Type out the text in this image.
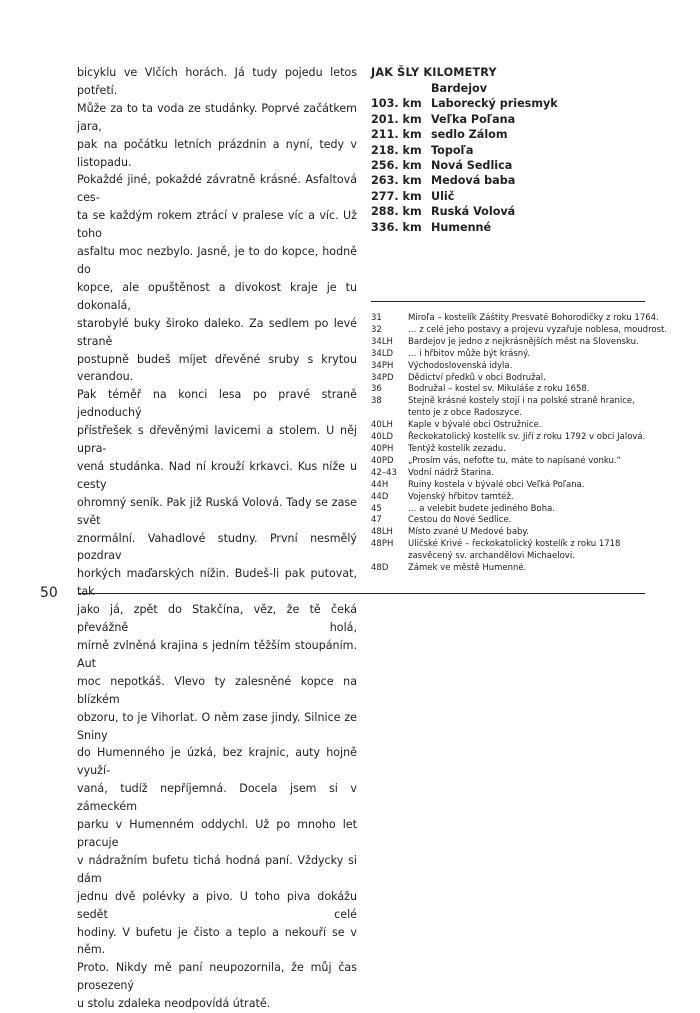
bicyklu ve Vlčích horách. Já tudy pojedu letos potřetí.
Může za to ta voda ze studánky. Poprvé začátkem jara,
pak na počátku letních prázdnin a nyní, tedy v listopadu.
Pokaždé jiné, pokaždé závratně krásné. Asfaltová ces-
ta se každým rokem ztrácí v pralese víc a víc. Už toho
asfaltu moc nezbylo. Jasně, je to do kopce, hodně do
kopce, ale opuštěnost a divokost kraje je tu dokonalá,
starobylé buky široko daleko. Za sedlem po levé straně
postupně budeš míjet dřevěné sruby s krytou verandou.
Pak téměř na konci lesa po pravé straně jednoduchý
přístřešek s dřevěnými lavicemi a stolem. U něj upra-
vená studánka. Nad ní krouží krkavci. Kus níže u cesty
ohromný seník. Pak již Ruská Volová. Tady se zase svět
znormální. Vahadlové studny. První nesmělý pozdrav
horkých maďarských nížin. Budeš-li pak putovat, tak
jako já, zpět do Stakčína, věz, že tě čeká převážně holá,
mírně zvlněná krajina s jedním těžším stoupáním. Aut
moc nepotkáš. Vlevo ty zalesněné kopce na blízkém
obzoru, to je Vihorlat. O něm zase jindy. Silnice ze Sniny
do Humenného je úzká, bez krajnic, auty hojně využí-
vaná, tudíž nepříjemná. Docela jsem si v zámeckém
parku v Humenném oddychl. Už po mnoho let pracuje
v nádražním bufetu tichá hodná paní. Vždycky si dám
jednu dvě polévky a pivo. U toho piva dokážu sedět celé
hodiny. V bufetu je čisto a teplo a nekouří se v něm.
Proto. Nikdy mě paní neupozornila, že můj čas prosezený
u stolu zdaleka neodpovídá útratě.
JAK ŠLY KILOMETRY
Bardejov
103. km Laborecký priesmyk
201. km Veľka Poľana
211. km sedlo Zálom
218. km Topoľa
256. km Nová Sedlica
263. km Medová baba
277. km Ulič
288. km Ruská Volová
336. km Humenné
31	Miroľa – kostelík Záštity Presvaté Bohorodičky z roku 1764.
32	… z celé jeho postavy a projevu vyzařuje noblesa, moudrost.
34LH	Bardejov je jedno z nejkrásnějších měst na Slovensku.
34LD	… i hřbitov může být krásný.
34PH	Východoslovenská idyla.
34PD	Dědictví předků v obci Bodružal.
36	Bodružal – kostel sv. Mikuláše z roku 1658.
38	Stejně krásné kostely stojí i na polské straně hranice,
tento je z obce Radoszyce.
40LH	Kaple v bývalé obci Ostružnice.
40LD	Řeckokatolický kostelík sv. Jiří z roku 1792 v obci Jalová.
40PH	Tentýž kostelík zezadu.
40PD	„Prosím vás, nefoťte tu, máte to napísané vonku.“
42–43	Vodní nádrž Starina.
44H	Ruiny kostela v bývalé obci Veľká Poľana.
44D	Vojenský hřbitov tamtéž.
45	… a velebit budete jediného Boha.
47	Cestou do Nové Sedlice.
48LH	Místo zvané U Medové baby.
48PH	Uličské Krivé – řeckokatolický kostelík z roku 1718
zasvěcený sv. archandělovi Michaelovi.
48D	Zámek ve městě Humenné.
50
